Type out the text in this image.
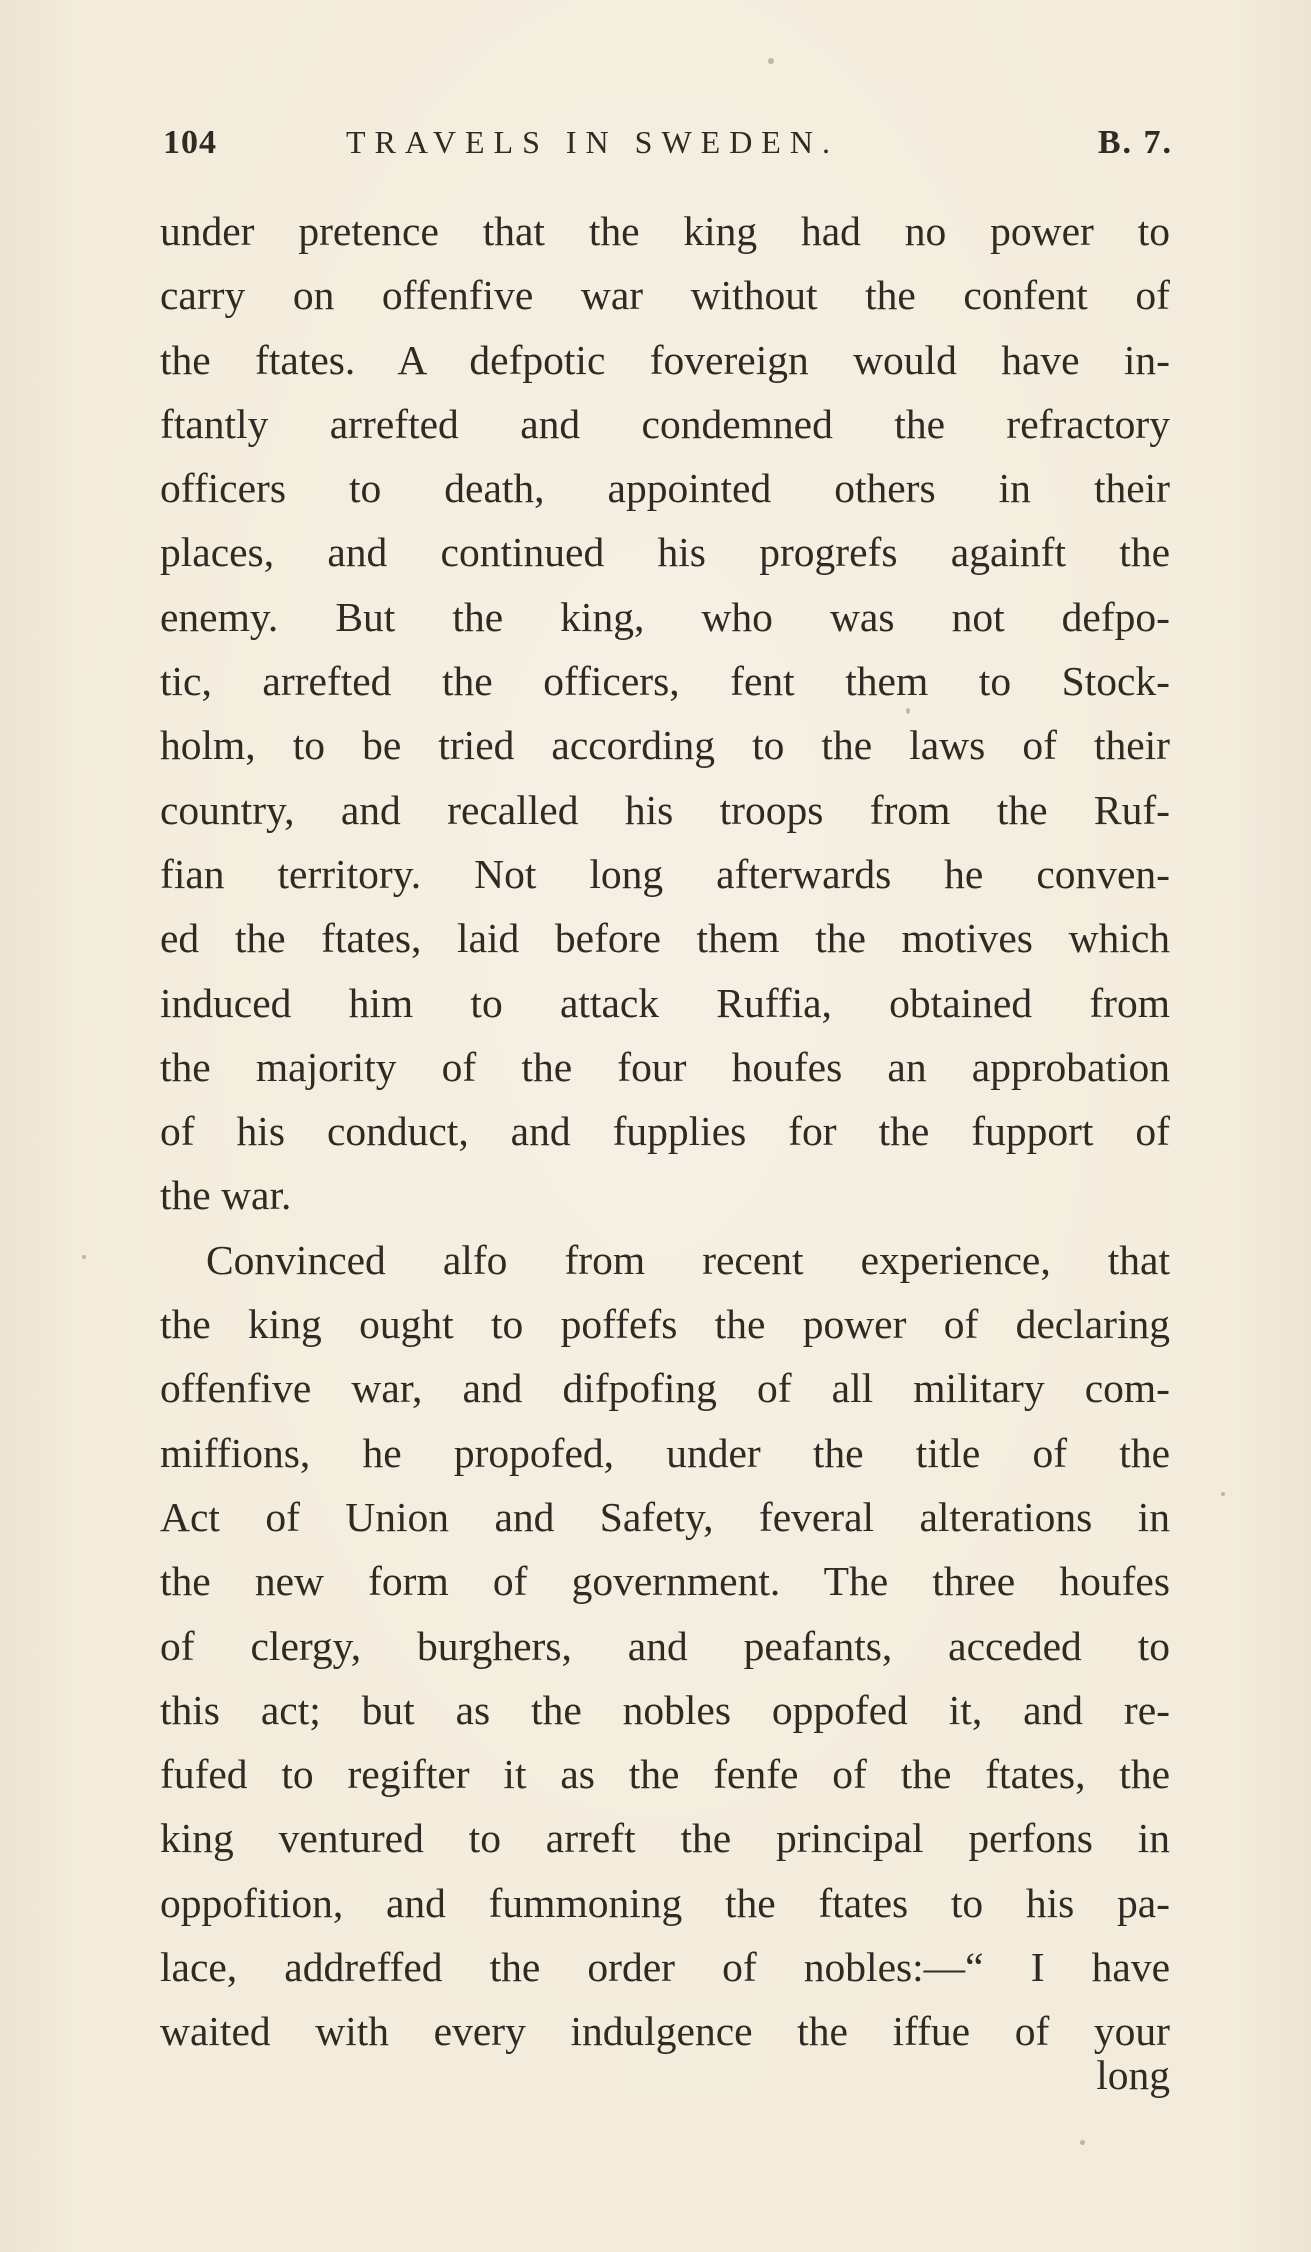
104	TRAVELS IN SWEDEN.	B. 7.
under pretence that the king had no power to
carry on offenfive war without the confent of
the ftates. A defpotic fovereign would have in-
ftantly arrefted and condemned the refractory
officers to death, appointed others in their
places, and continued his progrefs againft the
enemy. But the king, who was not defpo-
tic, arrefted the officers, fent them to Stock-
holm, to be tried according to the laws of their
country, and recalled his troops from the Ruf-
fian territory. Not long afterwards he conven-
ed the ftates, laid before them the motives which
induced him to attack Ruffia, obtained from
the majority of the four houfes an approbation
of his conduct, and fupplies for the fupport of
the war.
Convinced alfo from recent experience, that
the king ought to poffefs the power of declaring
offenfive war, and difpofing of all military com-
miffions, he propofed, under the title of the
Act of Union and Safety, feveral alterations in
the new form of government. The three houfes
of clergy, burghers, and peafants, acceded to
this act; but as the nobles oppofed it, and re-
fufed to regifter it as the fenfe of the ftates, the
king ventured to arreft the principal perfons in
oppofition, and fummoning the ftates to his pa-
lace, addreffed the order of nobles:—“ I have
waited with every indulgence the iffue of your
long
